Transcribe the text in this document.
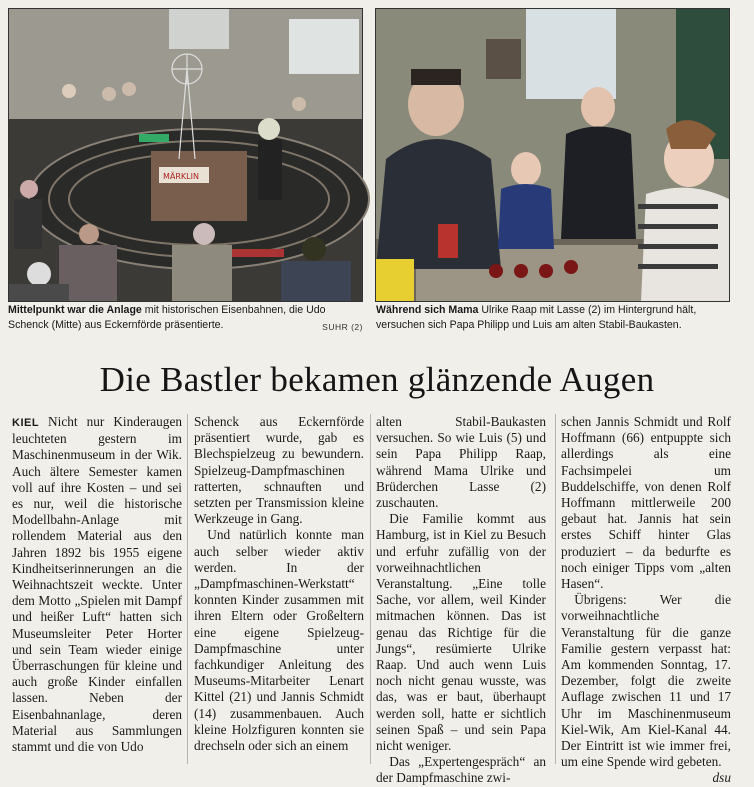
MÄRKLIN
Mittelpunkt war die Anlage mit historischen Eisenbahnen, die Udo Schenck (Mitte) aus Eckernförde präsentierte.	SUHR (2)
Während sich Mama Ulrike Raap mit Lasse (2) im Hintergrund hält, versuchen sich Papa Philipp und Luis am alten Stabil-Baukasten.
Die Bastler bekamen glänzende Augen

KIEL Nicht nur Kinderaugen leuchteten gestern im Maschinenmuseum in der Wik. Auch ältere Semester kamen voll auf ihre Kosten – und sei es nur, weil die historische Modellbahn-Anlage mit rollendem Material aus den Jahren 1892 bis 1955 eigene Kindheitserinnerungen an die Weihnachtszeit weckte. Unter dem Motto „Spielen mit Dampf und heißer Luft“ hatten sich Museumsleiter Peter Horter und sein Team wieder einige Überraschungen für kleine und auch große Kinder einfallen lassen. Neben der Eisenbahnanlage, deren Material aus Sammlungen stammt und die von Udo

Schenck aus Eckernförde präsentiert wurde, gab es Blechspielzeug zu bewundern. Spielzeug-Dampfmaschinen ratterten, schnauften und setzten per Transmission kleine Werkzeuge in Gang.

Und natürlich konnte man auch selber wieder aktiv werden. In der „Dampfmaschinen-Werkstatt“ konnten Kinder zusammen mit ihren Eltern oder Großeltern eine eigene Spielzeug-Dampfmaschine unter fachkundiger Anleitung des Museums-Mitarbeiter Lenart Kittel (21) und Jannis Schmidt (14) zusammenbauen. Auch kleine Holzfiguren konnten sie drechseln oder sich an einem

alten Stabil-Baukasten versuchen. So wie Luis (5) und sein Papa Philipp Raap, während Mama Ulrike und Brüderchen Lasse (2) zuschauten.

Die Familie kommt aus Hamburg, ist in Kiel zu Besuch und erfuhr zufällig von der vorweihnachtlichen Veranstaltung. „Eine tolle Sache, vor allem, weil Kinder mitmachen können. Das ist genau das Richtige für die Jungs“, resümierte Ulrike Raap. Und auch wenn Luis noch nicht genau wusste, was das, was er baut, überhaupt werden soll, hatte er sichtlich seinen Spaß – und sein Papa nicht weniger.

Das „Expertengespräch“ an der Dampfmaschine zwi-

schen Jannis Schmidt und Rolf Hoffmann (66) entpuppte sich allerdings als eine Fachsimpelei um Buddelschiffe, von denen Rolf Hoffmann mittlerweile 200 gebaut hat. Jannis hat sein erstes Schiff hinter Glas produziert – da bedurfte es noch einiger Tipps vom „alten Hasen“.

Übrigens: Wer die vorweihnachtliche Veranstaltung für die ganze Familie gestern verpasst hat: Am kommenden Sonntag, 17. Dezember, folgt die zweite Auflage zwischen 11 und 17 Uhr im Maschinenmuseum Kiel-Wik, Am Kiel-Kanal 44. Der Eintritt ist wie immer frei, um eine Spende wird gebeten.
dsu
